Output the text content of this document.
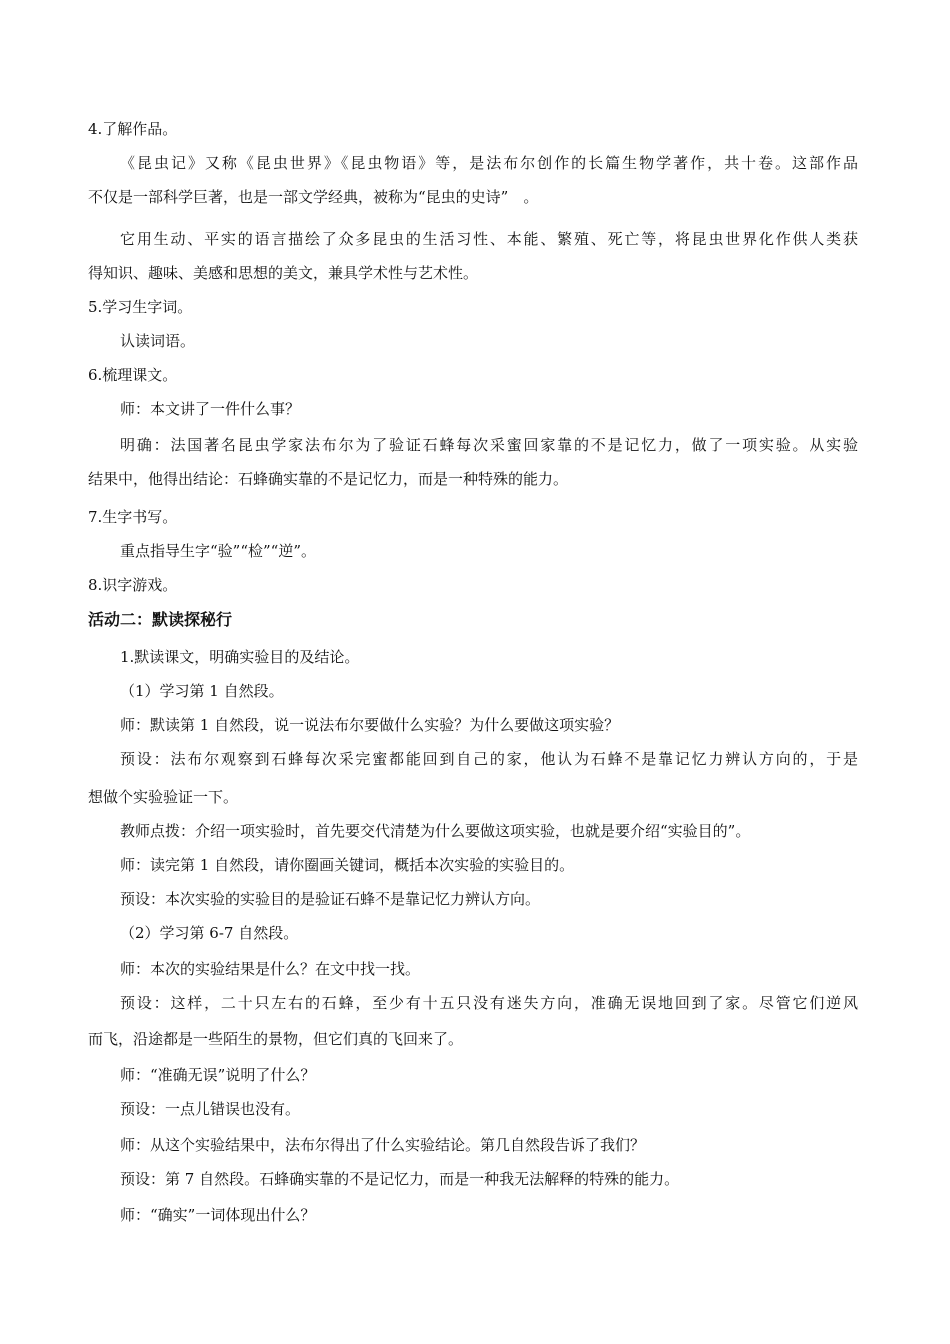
4.了解作品。
《昆虫记》又称《昆虫世界》《昆虫物语》等，是法布尔创作的长篇生物学著作，共十卷。这部作品
不仅是一部科学巨著，也是一部文学经典，被称为“昆虫的史诗”　。
它用生动、平实的语言描绘了众多昆虫的生活习性、本能、繁殖、死亡等，将昆虫世界化作供人类获
得知识、趣味、美感和思想的美文，兼具学术性与艺术性。
5.学习生字词。
认读词语。
6.梳理课文。
师：本文讲了一件什么事？
明确：法国著名昆虫学家法布尔为了验证石蜂每次采蜜回家靠的不是记忆力，做了一项实验。从实验
结果中，他得出结论：石蜂确实靠的不是记忆力，而是一种特殊的能力。
7.生字书写。
重点指导生字“验”“检”“逆”。
8.识字游戏。
活动二：默读探秘行
1.默读课文，明确实验目的及结论。
（1）学习第 1 自然段。
师：默读第 1 自然段，说一说法布尔要做什么实验？为什么要做这项实验？
预设：法布尔观察到石蜂每次采完蜜都能回到自己的家，他认为石蜂不是靠记忆力辨认方向的，于是
想做个实验验证一下。
教师点拨：介绍一项实验时，首先要交代清楚为什么要做这项实验，也就是要介绍“实验目的”。
师：读完第 1 自然段，请你圈画关键词，概括本次实验的实验目的。
预设：本次实验的实验目的是验证石蜂不是靠记忆力辨认方向。
（2）学习第 6-7 自然段。
师：本次的实验结果是什么？在文中找一找。
预设：这样，二十只左右的石蜂，至少有十五只没有迷失方向，准确无误地回到了家。尽管它们逆风
而飞，沿途都是一些陌生的景物，但它们真的飞回来了。
师：“准确无误”说明了什么？
预设：一点儿错误也没有。
师：从这个实验结果中，法布尔得出了什么实验结论。第几自然段告诉了我们？
预设：第 7 自然段。石蜂确实靠的不是记忆力，而是一种我无法解释的特殊的能力。
师：“确实”一词体现出什么？
